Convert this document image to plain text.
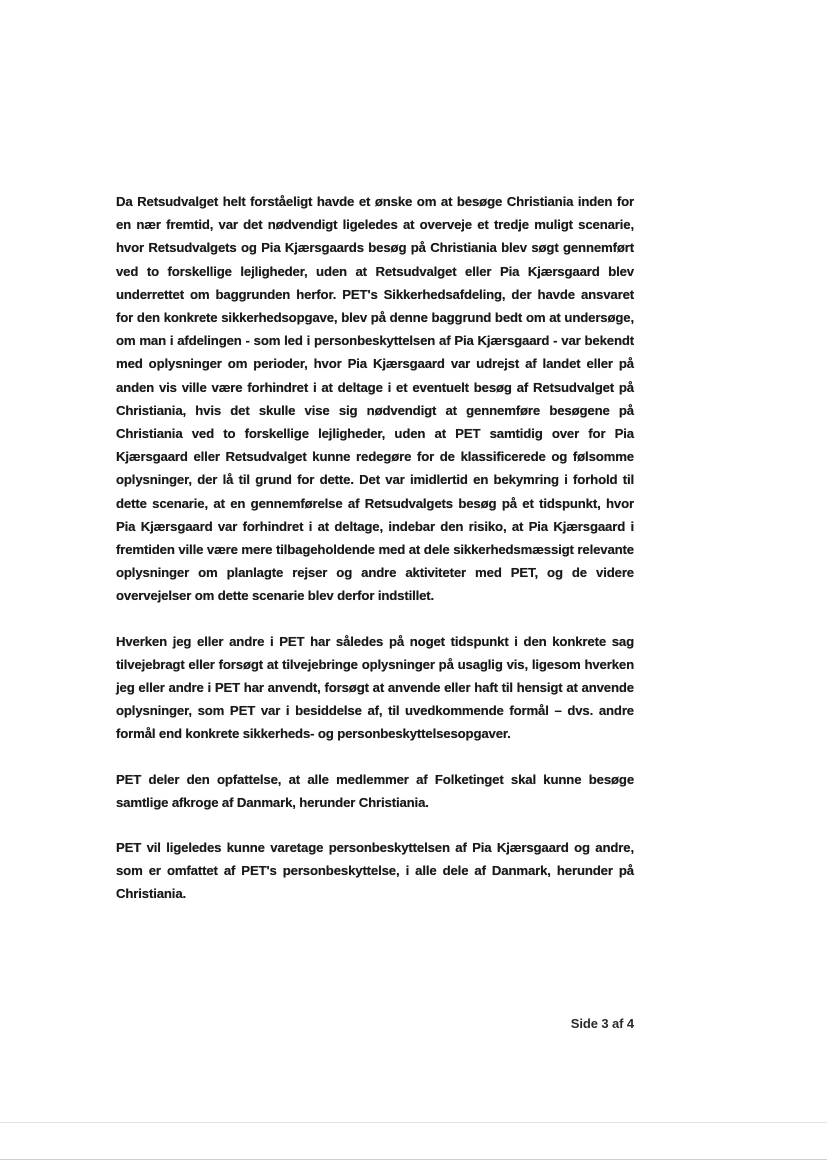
Da Retsudvalget helt forståeligt havde et ønske om at besøge Christiania inden for en nær fremtid, var det nødvendigt ligeledes at overveje et tredje muligt scenarie, hvor Retsudvalgets og Pia Kjærsgaards besøg på Christiania blev søgt gennemført ved to forskellige lejligheder, uden at Retsudvalget eller Pia Kjærsgaard blev underrettet om baggrunden herfor. PET's Sikkerhedsafdeling, der havde ansvaret for den konkrete sikkerhedsopgave, blev på denne baggrund bedt om at undersøge, om man i afdelingen - som led i personbeskyttelsen af Pia Kjærsgaard - var bekendt med oplysninger om perioder, hvor Pia Kjærsgaard var udrejst af landet eller på anden vis ville være forhindret i at deltage i et eventuelt besøg af Retsudvalget på Christiania, hvis det skulle vise sig nødvendigt at gennemføre besøgene på Christiania ved to forskellige lejligheder, uden at PET samtidig over for Pia Kjærsgaard eller Retsudvalget kunne redegøre for de klassificerede og følsomme oplysninger, der lå til grund for dette. Det var imidlertid en bekymring i forhold til dette scenarie, at en gennemførelse af Retsudvalgets besøg på et tidspunkt, hvor Pia Kjærsgaard var forhindret i at deltage, indebar den risiko, at Pia Kjærsgaard i fremtiden ville være mere tilbageholdende med at dele sikkerhedsmæssigt relevante oplysninger om planlagte rejser og andre aktiviteter med PET, og de videre overvejelser om dette scenarie blev derfor indstillet.

Hverken jeg eller andre i PET har således på noget tidspunkt i den konkrete sag tilvejebragt eller forsøgt at tilvejebringe oplysninger på usaglig vis, ligesom hverken jeg eller andre i PET har anvendt, forsøgt at anvende eller haft til hensigt at anvende oplysninger, som PET var i besiddelse af, til uvedkommende formål – dvs. andre formål end konkrete sikkerheds- og personbeskyttelsesopgaver.

PET deler den opfattelse, at alle medlemmer af Folketinget skal kunne besøge samtlige afkroge af Danmark, herunder Christiania.

PET vil ligeledes kunne varetage personbeskyttelsen af Pia Kjærsgaard og andre, som er omfattet af PET's personbeskyttelse, i alle dele af Danmark, herunder på Christiania.

Side 3 af 4
